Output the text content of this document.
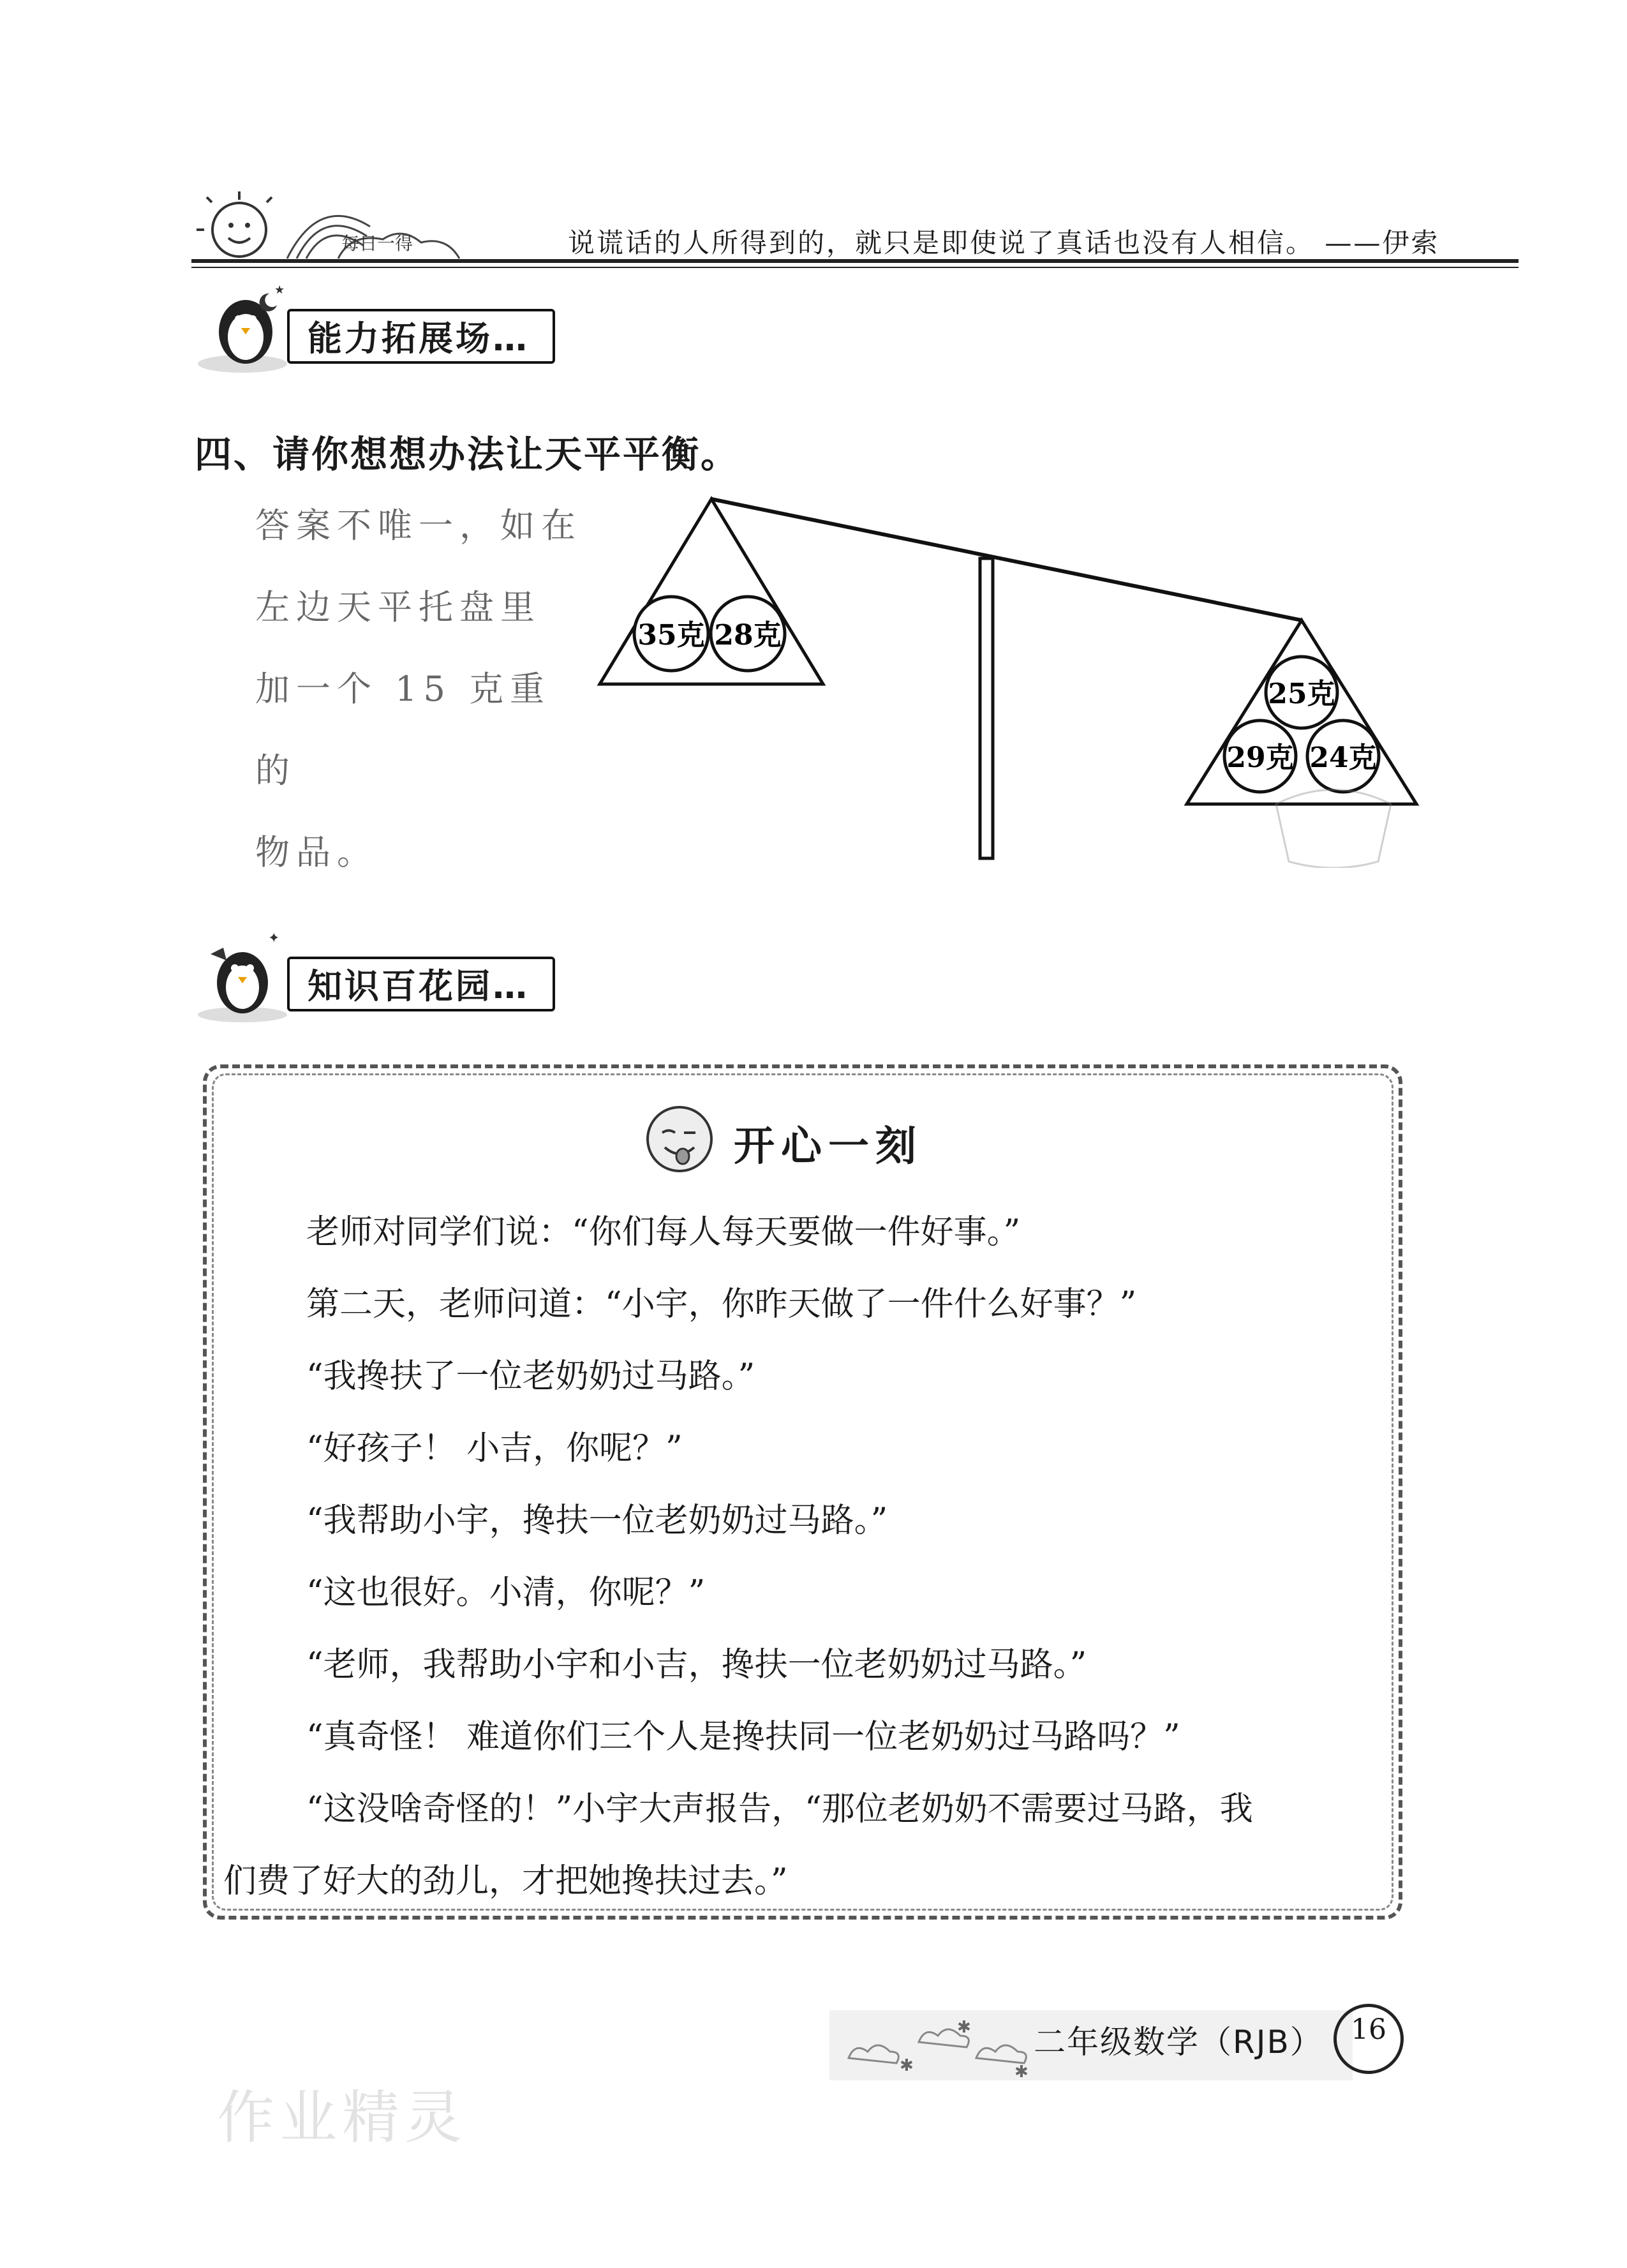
每日一得	说谎话的人所得到的，就只是即使说了真话也没有人相信。 ——伊索
★
能力拓展场…
四、请你想想办法让天平平衡。
答案不唯一，如在
左边天平托盘里
加一个 15 克重的
物品。
35克 28克
25克
29克 24克
✦
知识百花园…
开心一刻
老师对同学们说：“你们每人每天要做一件好事。”
第二天，老师问道：“小宇，你昨天做了一件什么好事？”
“我搀扶了一位老奶奶过马路。”
“好孩子！ 小吉，你呢？”
“我帮助小宇，搀扶一位老奶奶过马路。”
“这也很好。小清，你呢？”
“老师，我帮助小宇和小吉，搀扶一位老奶奶过马路。”
“真奇怪！ 难道你们三个人是搀扶同一位老奶奶过马路吗？”
“这没啥奇怪的！”小宇大声报告，“那位老奶奶不需要过马路，我
们费了好大的劲儿，才把她搀扶过去。”
✱
✱
✱
二年级数学（RJB） 16
作业精灵
